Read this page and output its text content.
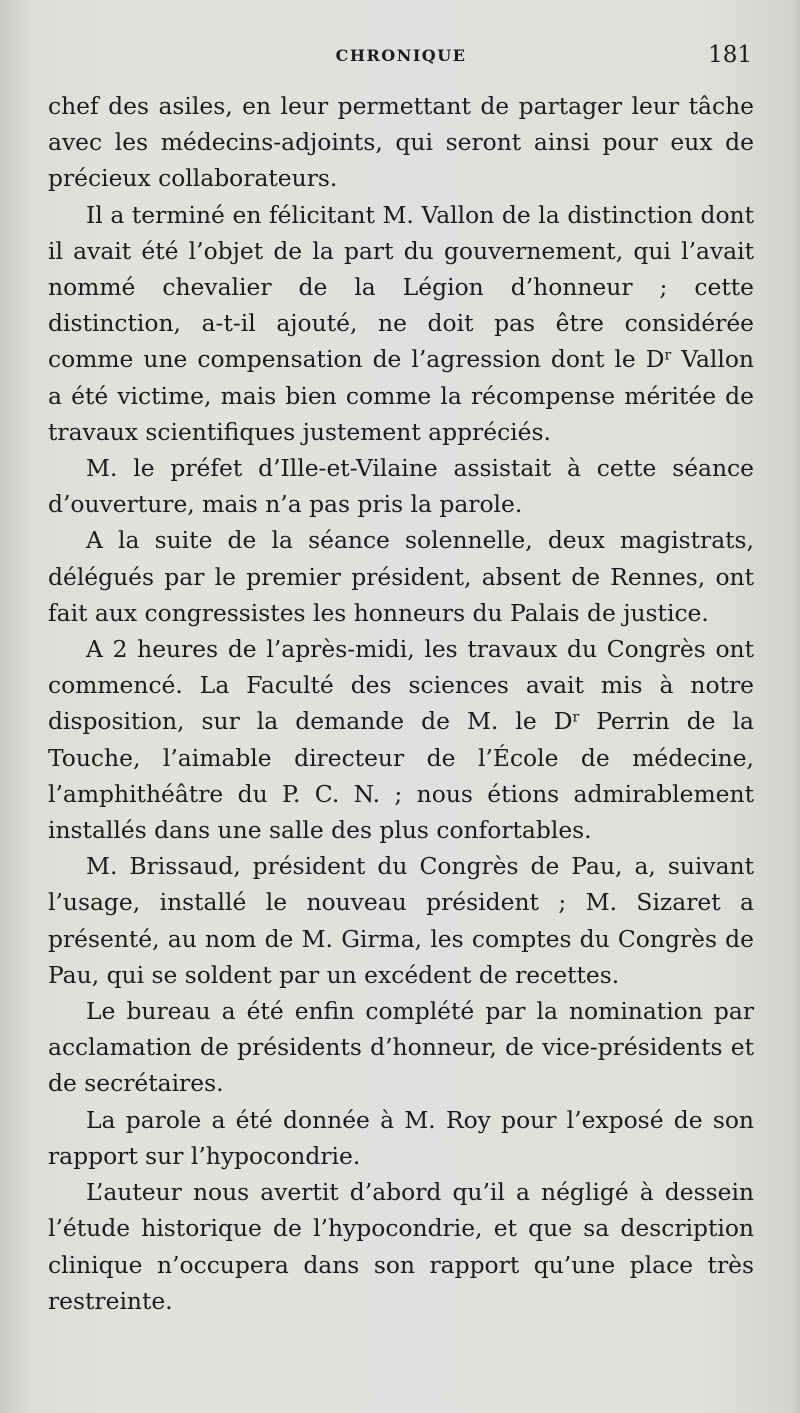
CHRONIQUE	181

chef des asiles, en leur permettant de partager leur tâche avec les médecins-adjoints, qui seront ainsi pour eux de précieux collaborateurs.

Il a terminé en félicitant M. Vallon de la distinction dont il avait été l’objet de la part du gouvernement, qui l’avait nommé chevalier de la Légion d’honneur ; cette distinction, a-t-il ajouté, ne doit pas être considérée comme une compensation de l’agression dont le $D^r$ Vallon a été victime, mais bien comme la récompense méritée de travaux scientifiques justement appréciés.

M. le préfet d’Ille-et-Vilaine assistait à cette séance d’ouverture, mais n’a pas pris la parole.

A la suite de la séance solennelle, deux magistrats, délégués par le premier président, absent de Rennes, ont fait aux congressistes les honneurs du Palais de justice.

A 2 heures de l’après-midi, les travaux du Congrès ont commencé. La Faculté des sciences avait mis à notre disposition, sur la demande de M. le $D^r$ Perrin de la Touche, l’aimable directeur de l’École de médecine, l’amphithéâtre du P. C. N. ; nous étions admirablement installés dans une salle des plus confortables.

M. Brissaud, président du Congrès de Pau, a, suivant l’usage, installé le nouveau président ; M. Sizaret a présenté, au nom de M. Girma, les comptes du Congrès de Pau, qui se soldent par un excédent de recettes.

Le bureau a été enfin complété par la nomination par acclamation de présidents d’honneur, de vice-présidents et de secrétaires.

La parole a été donnée à M. Roy pour l’exposé de son rapport sur l’hypocondrie.

L’auteur nous avertit d’abord qu’il a négligé à dessein l’étude historique de l’hypocondrie, et que sa description clinique n’occupera dans son rapport qu’une place très restreinte.
